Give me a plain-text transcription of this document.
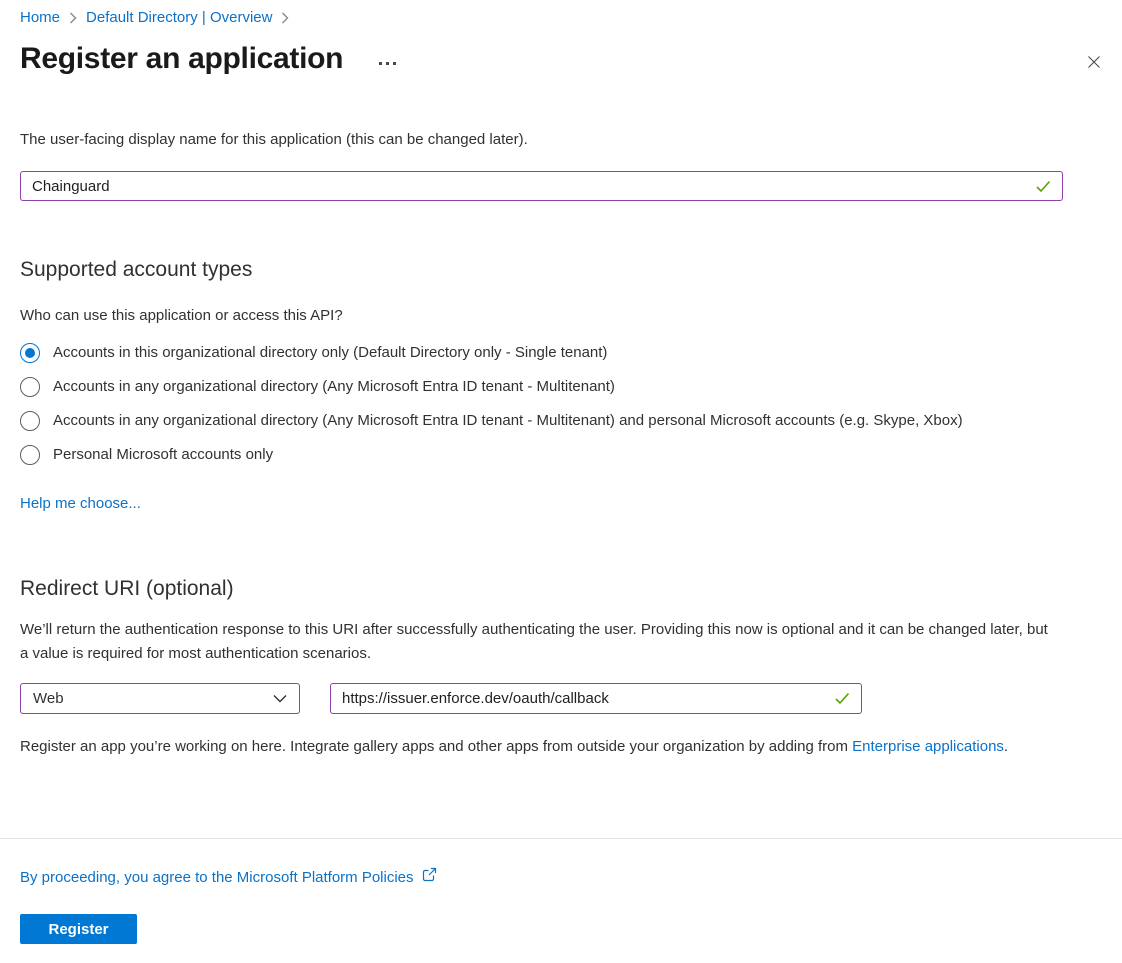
Home Default Directory | Overview
Register an application
The user-facing display name for this application (this can be changed later).
Chainguard
Supported account types
Who can use this application or access this API?
Accounts in this organizational directory only (Default Directory only - Single tenant)
Accounts in any organizational directory (Any Microsoft Entra ID tenant - Multitenant)
Accounts in any organizational directory (Any Microsoft Entra ID tenant - Multitenant) and personal Microsoft accounts (e.g. Skype, Xbox)
Personal Microsoft accounts only
Help me choose...
Redirect URI (optional)
We’ll return the authentication response to this URI after successfully authenticating the user. Providing this now is optional and it can be changed later, but a value is required for most authentication scenarios.
Web
https://issuer.enforce.dev/oauth/callback
Register an app you’re working on here. Integrate gallery apps and other apps from outside your organization by adding from Enterprise applications.
By proceeding, you agree to the Microsoft Platform Policies

Register
